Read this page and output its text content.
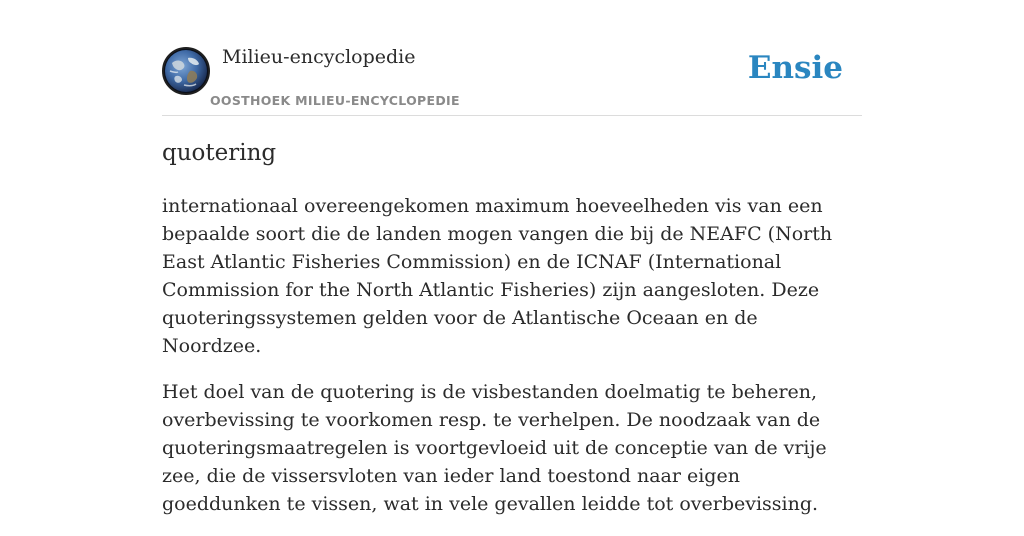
Milieu-encyclopedie
OOSTHOEK MILIEU-ENCYCLOPEDIE
Ensie
quotering

internationaal overeengekomen maximum hoeveelheden vis van een bepaalde soort die de landen mogen vangen die bij de NEAFC (North East Atlantic Fisheries Commission) en de ICNAF (International Commission for the North Atlantic Fisheries) zijn aangesloten. Deze quoteringssystemen gelden voor de Atlantische Oceaan en de Noordzee.

Het doel van de quotering is de visbestanden doelmatig te beheren, overbevissing te voorkomen resp. te verhelpen. De noodzaak van de quoteringsmaatregelen is voortgevloeid uit de conceptie van de vrije zee, die de vissersvloten van ieder land toestond naar eigen goeddunken te vissen, wat in vele gevallen leidde tot overbevissing.
